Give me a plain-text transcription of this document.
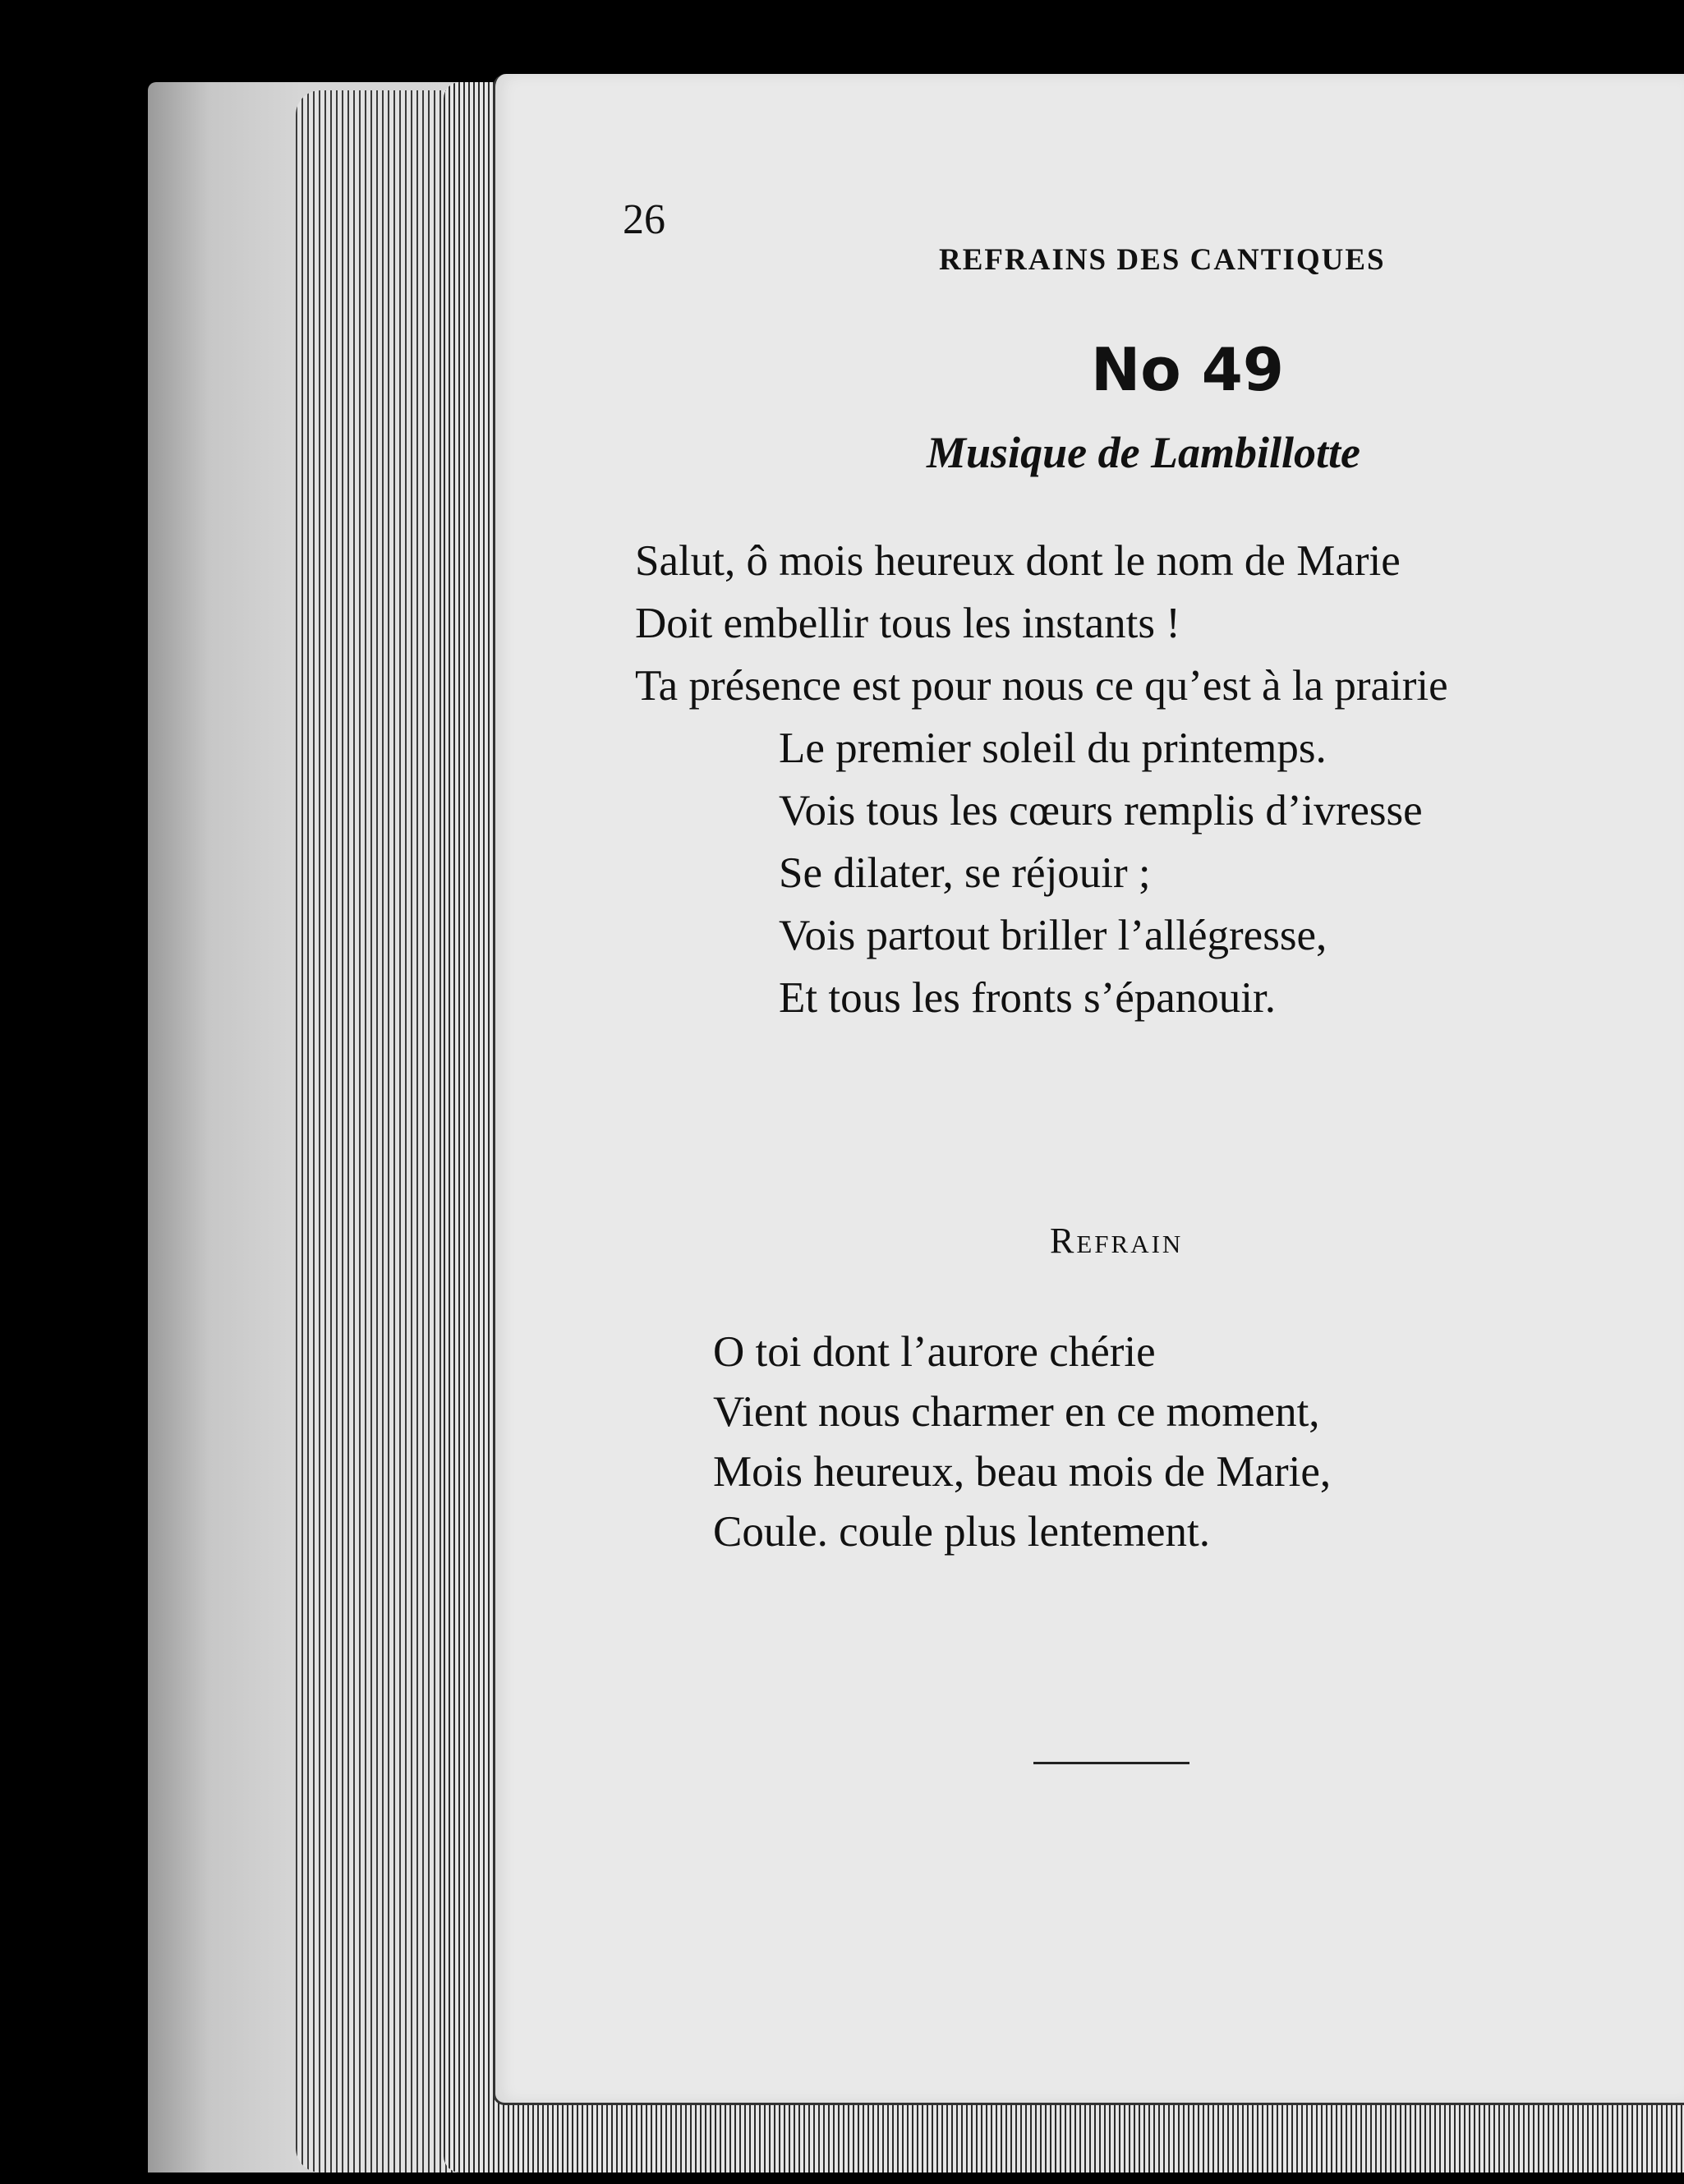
26
REFRAINS DES CANTIQUES
No 49
Musique de Lambillotte
Salut, ô mois heureux dont le nom de Marie
Doit embellir tous les instants !
Ta présence est pour nous ce qu’est à la prairie
Le premier soleil du printemps.
Vois tous les cœurs remplis d’ivresse
Se dilater, se réjouir ;
Vois partout briller l’allégresse,
Et tous les fronts s’épanouir.
Refrain
O toi dont l’aurore chérie
Vient nous charmer en ce moment,
Mois heureux, beau mois de Marie,
Coule. coule plus lentement.
